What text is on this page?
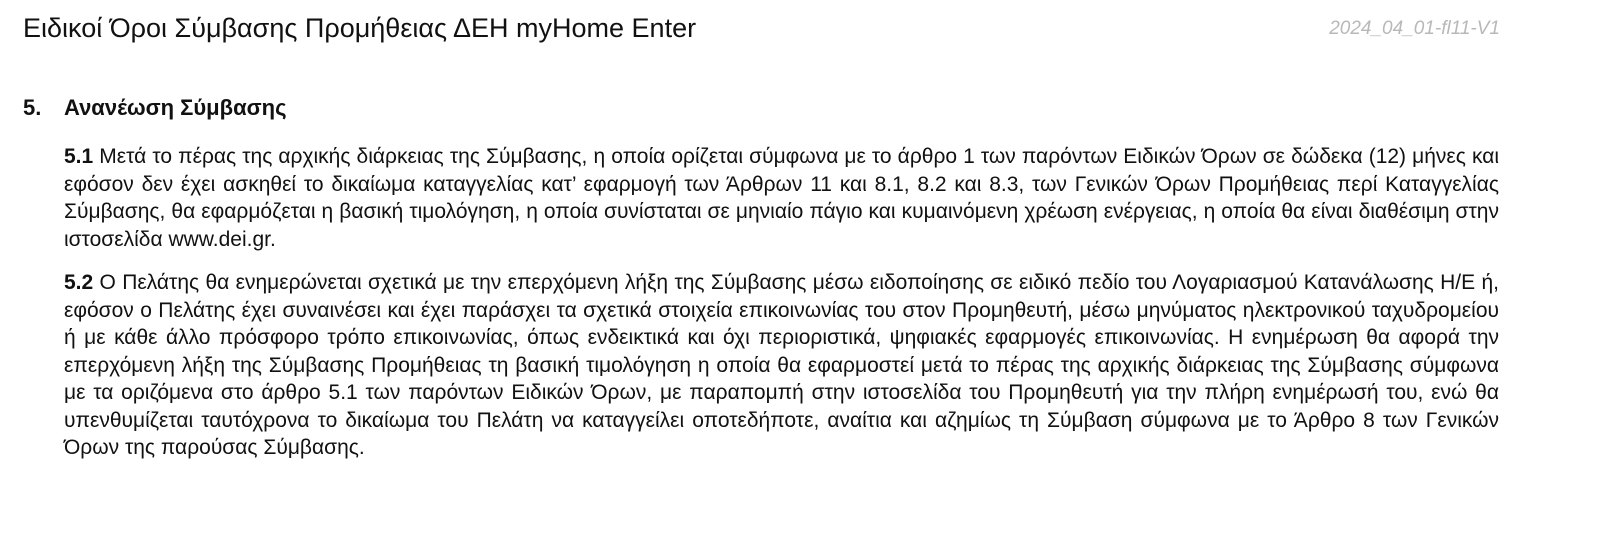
Ειδικοί Όροι Σύμβασης Προμήθειας ΔΕΗ myHome Enter	2024_04_01-fl11-V1
5. Ανανέωση Σύμβασης

5.1 Μετά το πέρας της αρχικής διάρκειας της Σύμβασης, η οποία ορίζεται σύμφωνα με το άρθρο 1 των παρόντων Ειδικών Όρων σε δώδεκα (12) μήνες και εφόσον δεν έχει ασκηθεί το δικαίωμα καταγγελίας κατ’ εφαρμογή των Άρθρων 11 και 8.1, 8.2 και 8.3, των Γενικών Όρων Προμήθειας περί Καταγγελίας Σύμβασης, θα εφαρμόζεται η βασική τιμολόγηση, η οποία συνίσταται σε μηνιαίο πάγιο και κυμαινόμενη χρέωση ενέργειας, η οποία θα είναι διαθέσιμη στην ιστοσελίδα www.dei.gr.

5.2 Ο Πελάτης θα ενημερώνεται σχετικά με την επερχόμενη λήξη της Σύμβασης μέσω ειδοποίησης σε ειδικό πεδίο του Λογαριασμού Κατανάλωσης Η/Ε ή, εφόσον ο Πελάτης έχει συναινέσει και έχει παράσχει τα σχετικά στοιχεία επικοινωνίας του στον Προμηθευτή, μέσω μηνύματος ηλεκτρονικού ταχυδρομείου ή με κάθε άλλο πρόσφορο τρόπο επικοινωνίας, όπως ενδεικτικά και όχι περιοριστικά, ψηφιακές εφαρμογές επικοινωνίας. Η ενημέρωση θα αφορά την επερχόμενη λήξη της Σύμβασης Προμήθειας τη βασική τιμολόγηση η οποία θα εφαρμοστεί μετά το πέρας της αρχικής διάρκειας της Σύμβασης σύμφωνα με τα οριζόμενα στο άρθρο 5.1 των παρόντων Ειδικών Όρων, με παραπομπή στην ιστοσελίδα του Προμηθευτή για την πλήρη ενημέρωσή του, ενώ θα υπενθυμίζεται ταυτόχρονα το δικαίωμα του Πελάτη να καταγγείλει οποτεδήποτε, αναίτια και αζημίως τη Σύμβαση σύμφωνα με το Άρθρο 8 των Γενικών Όρων της παρούσας Σύμβασης.
